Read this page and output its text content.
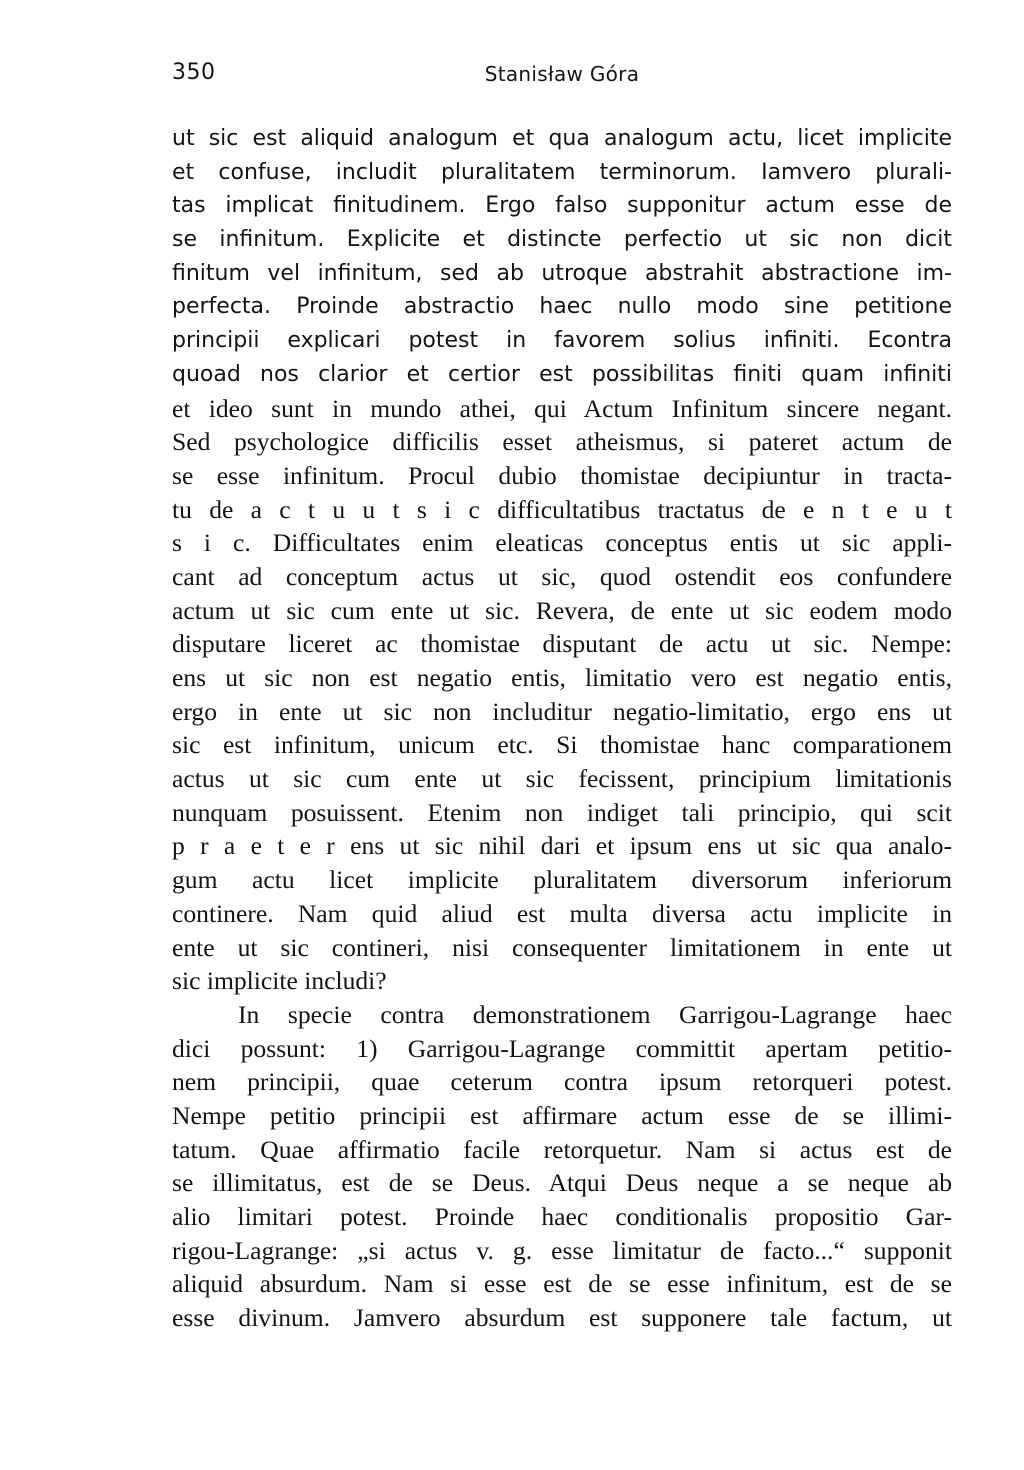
350	Stanisław Góra
ut sic est aliquid analogum et qua analogum actu, licet implicite
et confuse, includit pluralitatem terminorum. Iamvero plurali-
tas implicat finitudinem. Ergo falso supponitur actum esse de
se infinitum. Explicite et distincte perfectio ut sic non dicit
finitum vel infinitum, sed ab utroque abstrahit abstractione im-
perfecta. Proinde abstractio haec nullo modo sine petitione
principii explicari potest in favorem solius infiniti. Econtra
quoad nos clarior et certior est possibilitas finiti quam infiniti
et ideo sunt in mundo athei, qui Actum Infinitum sincere negant.
Sed psychologice difficilis esset atheismus, si pateret actum de
se esse infinitum. Procul dubio thomistae decipiuntur in tracta-
tu de a c t u u t s i c difficultatibus tractatus de e n t e u t
s i c. Difficultates enim eleaticas conceptus entis ut sic appli-
cant ad conceptum actus ut sic, quod ostendit eos confundere
actum ut sic cum ente ut sic. Revera, de ente ut sic eodem modo
disputare liceret ac thomistae disputant de actu ut sic. Nempe:
ens ut sic non est negatio entis, limitatio vero est negatio entis,
ergo in ente ut sic non includitur negatio-limitatio, ergo ens ut
sic est infinitum, unicum etc. Si thomistae hanc comparationem
actus ut sic cum ente ut sic fecissent, principium limitationis
nunquam posuissent. Etenim non indiget tali principio, qui scit
p r a e t e r ens ut sic nihil dari et ipsum ens ut sic qua analo-
gum actu licet implicite pluralitatem diversorum inferiorum
continere. Nam quid aliud est multa diversa actu implicite in
ente ut sic contineri, nisi consequenter limitationem in ente ut
sic implicite includi?
In specie contra demonstrationem Garrigou-Lagrange haec
dici possunt: 1) Garrigou-Lagrange committit apertam petitio-
nem principii, quae ceterum contra ipsum retorqueri potest.
Nempe petitio principii est affirmare actum esse de se illimi-
tatum. Quae affirmatio facile retorquetur. Nam si actus est de
se illimitatus, est de se Deus. Atqui Deus neque a se neque ab
alio limitari potest. Proinde haec conditionalis propositio Gar-
rigou-Lagrange: „si actus v. g. esse limitatur de facto...“ supponit
aliquid absurdum. Nam si esse est de se esse infinitum, est de se
esse divinum. Jamvero absurdum est supponere tale factum, ut
